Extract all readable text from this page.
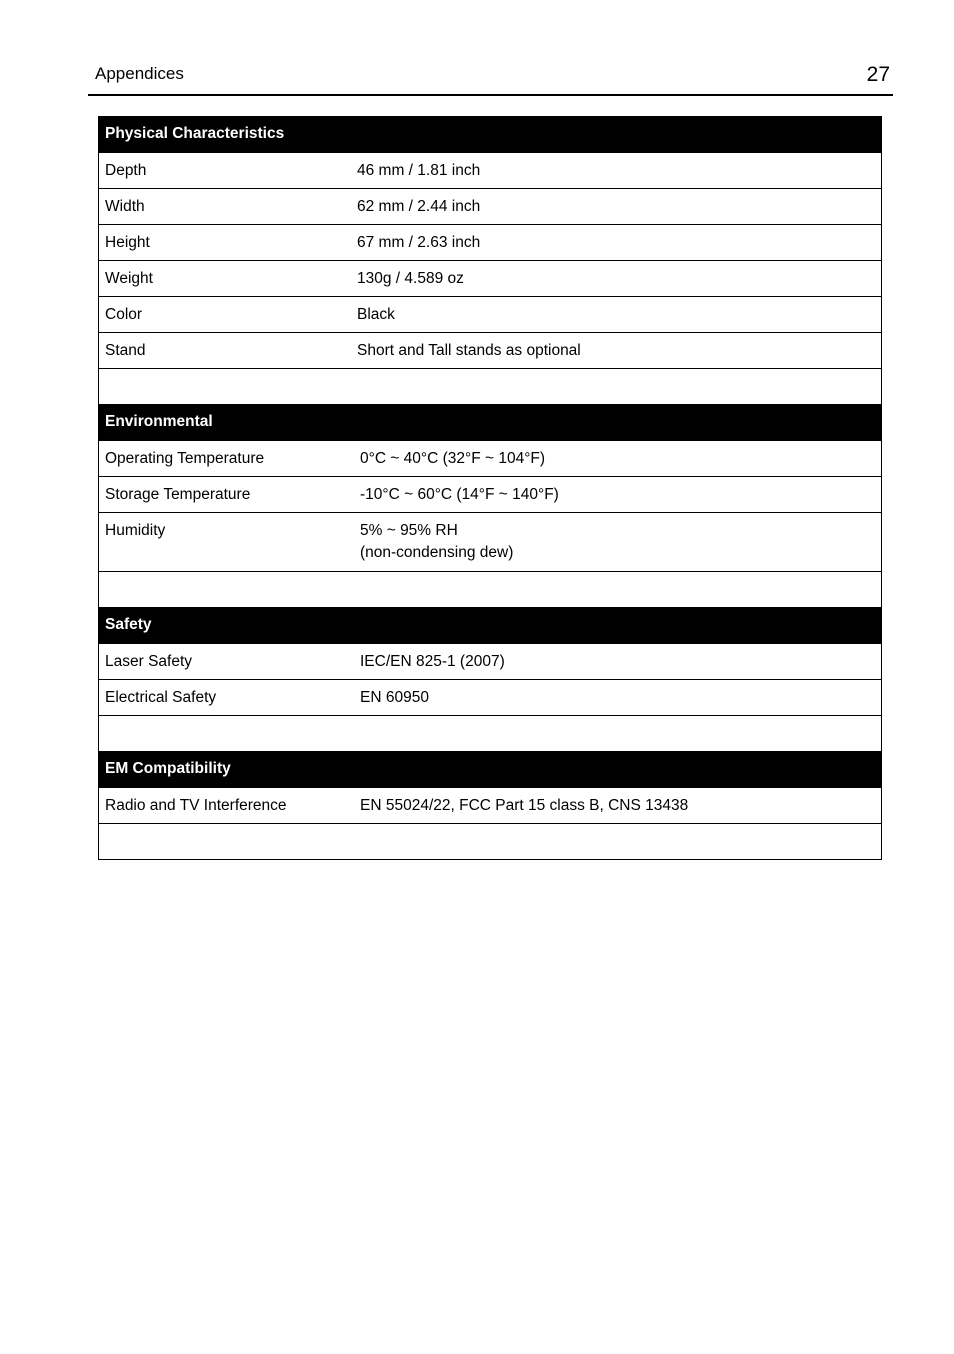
Appendices	27
Physical Characteristics
Depth	46 mm / 1.81 inch
Width	62 mm / 2.44 inch
Height	67 mm / 2.63 inch
Weight	130g / 4.589 oz
Color	Black
Stand	Short and Tall stands as optional
Environmental
Operating Temperature	0°C ~ 40°C (32°F ~ 104°F)
Storage Temperature	-10°C ~ 60°C (14°F ~ 140°F)
Humidity	5% ~ 95% RH
(non-condensing dew)
Safety
Laser Safety	IEC/EN 825-1 (2007)
Electrical Safety	EN 60950
EM Compatibility
Radio and TV Interference	EN 55024/22, FCC Part 15 class B, CNS 13438
